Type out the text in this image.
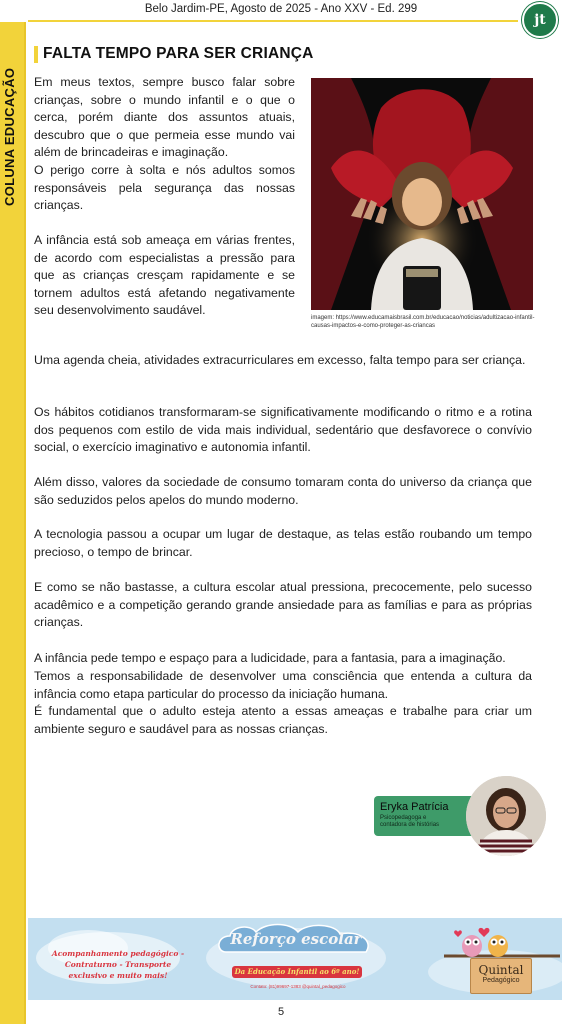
Belo Jardim-PE, Agosto de 2025 - Ano XXV - Ed. 299
jt
COLUNA EDUCAÇÃO
FALTA TEMPO PARA SER CRIANÇA

Em meus textos, sempre busco falar sobre crianças, sobre o mundo infantil e o que o cerca, porém diante dos assuntos atuais, descubro que o que permeia esse mundo vai além de brincadeiras e imaginação.

O perigo corre à solta e nós adultos somos responsáveis pela segurança das nossas crianças.

A infância está sob ameaça em várias frentes, de acordo com especialistas a pressão para que as crianças cresçam rapidamente e se tornem adultos está afetando negativamente seu desenvolvimento saudável.

imagem: https://www.educamaisbrasil.com.br/educacao/noticias/adultizacao-infantil-causas-impactos-e-como-proteger-as-criancas

Uma agenda cheia, atividades extracurriculares em excesso, falta tempo para ser criança.

Os hábitos cotidianos transformaram-se significativamente modificando o ritmo e a rotina dos pequenos com estilo de vida mais individual, sedentário que desfavorece o convívio social, o exercício imaginativo e autonomia infantil.

Além disso, valores da sociedade de consumo tomaram conta do universo da criança que são seduzidos pelos apelos do mundo moderno.

A tecnologia passou a ocupar um lugar de destaque, as telas estão roubando um tempo precioso, o tempo de brincar.

E como se não bastasse, a cultura escolar atual pressiona, precocemente, pelo sucesso acadêmico e a competição gerando grande ansiedade para as famílias e para as próprias crianças.

A infância pede tempo e espaço para a ludicidade, para a fantasia, para a imaginação.

Temos a responsabilidade de desenvolver uma consciência que entenda a cultura da infância como etapa particular do processo da iniciação humana.

É fundamental que o adulto esteja atento a essas ameaças e trabalhe para criar um ambiente seguro e saudável para as nossas crianças.

Eryka Patrícia
Psicopedagoga e contadora de histórias
Acompanhamento pedagógico - Contraturno - Transporte exclusivo e muito mais!
Reforço escolar
Da Educação Infantil ao 6º ano!
Contato: (81)99697-1383 @quintal_pedagogico
Quintal
Pedagógico
5
